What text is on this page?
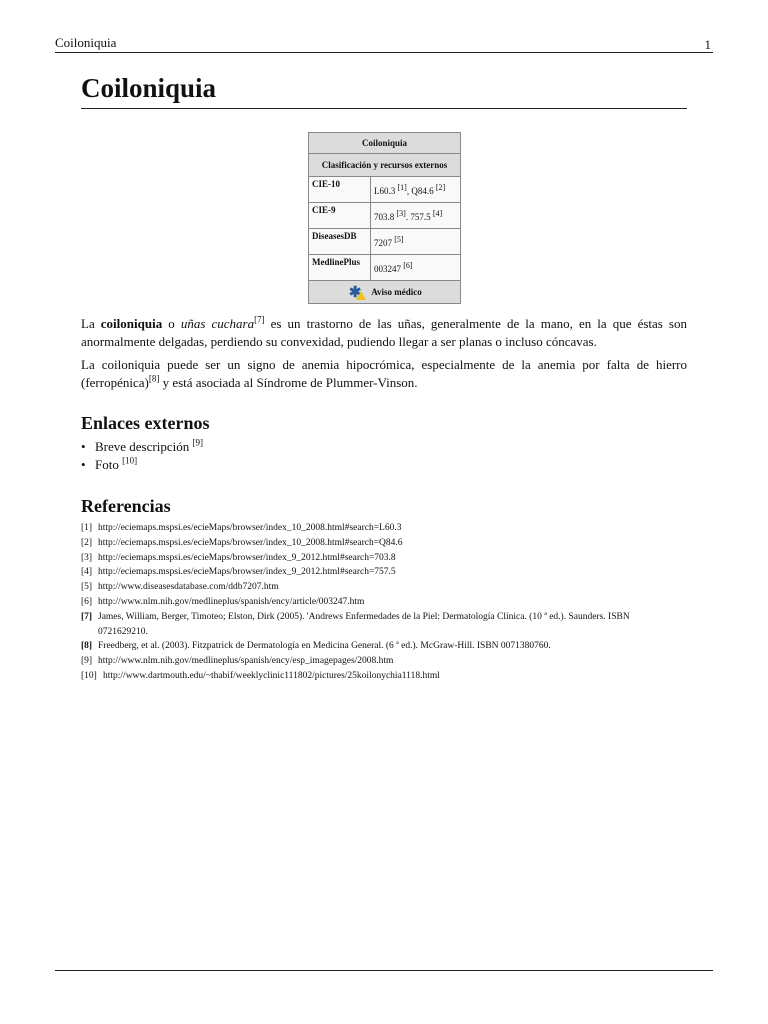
Coiloniquia	1
Coiloniquia
Coiloniquia	
Clasificación y recursos externos	
CIE-10	L60.3 [1], Q84.6 [2]
CIE-9	703.8 [3]. 757.5 [4]
DiseasesDB	7207 [5]
MedlinePlus	003247 [6]

✱ Aviso médico	

La coiloniquia o uñas cuchara[7] es un trastorno de las uñas, generalmente de la mano, en la que éstas son anormalmente delgadas, perdiendo su convexidad, pudiendo llegar a ser planas o incluso cóncavas.

La coiloniquia puede ser un signo de anemia hipocrómica, especialmente de la anemia por falta de hierro (ferropénica)[8] y está asociada al Síndrome de Plummer-Vinson.

Enlaces externos
• Breve descripción [9]
• Foto [10]
Referencias
[1] http://eciemaps.mspsi.es/ecieMaps/browser/index_10_2008.html#search=L60.3
[2] http://eciemaps.mspsi.es/ecieMaps/browser/index_10_2008.html#search=Q84.6
[3] http://eciemaps.mspsi.es/ecieMaps/browser/index_9_2012.html#search=703.8
[4] http://eciemaps.mspsi.es/ecieMaps/browser/index_9_2012.html#search=757.5
[5] http://www.diseasesdatabase.com/ddb7207.htm
[6] http://www.nlm.nih.gov/medlineplus/spanish/ency/article/003247.htm
[7] James, William, Berger, Timoteo; Elston, Dirk (2005). 'Andrews Enfermedades de la Piel: Dermatología Clínica. (10 ª ed.). Saunders. ISBN 0721629210.
[8] Freedberg, et al. (2003). Fitzpatrick de Dermatología en Medicina General. (6 ª ed.). McGraw-Hill. ISBN 0071380760.
[9] http://www.nlm.nih.gov/medlineplus/spanish/ency/esp_imagepages/2008.htm
[10] http://www.dartmouth.edu/~thabif/weeklyclinic111802/pictures/25koilonychia1118.html
